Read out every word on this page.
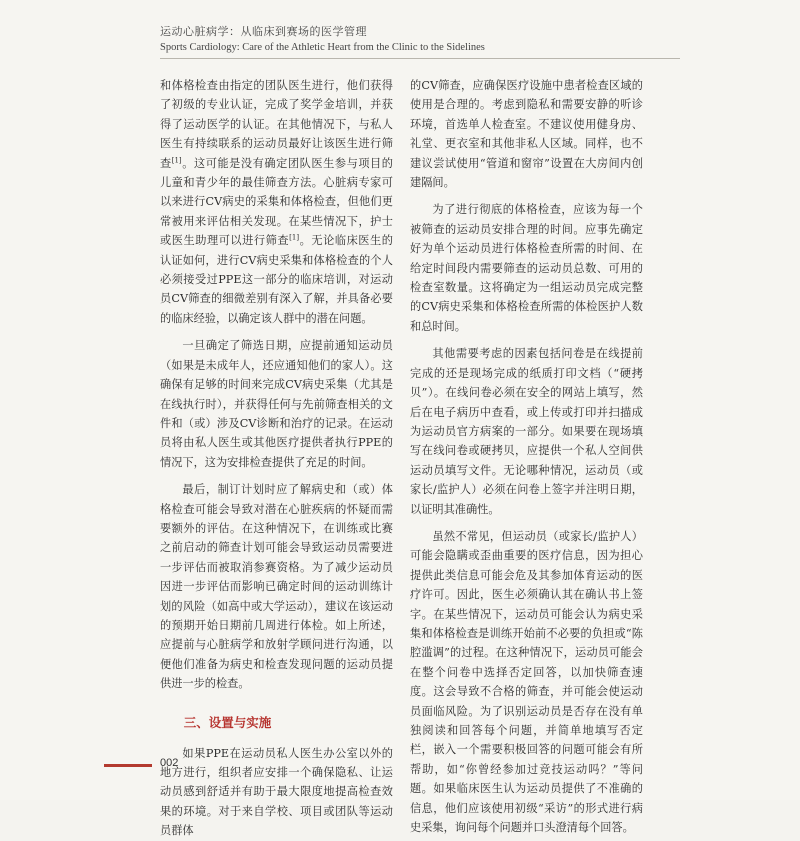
运动心脏病学：从临床到赛场的医学管理
Sports Cardiology: Care of the Athletic Heart from the Clinic to the Sidelines

和体格检查由指定的团队医生进行，他们获得了初级的专业认证，完成了奖学金培训，并获得了运动医学的认证。在其他情况下，与私人医生有持续联系的运动员最好让该医生进行筛查[1]。这可能是没有确定团队医生参与项目的儿童和青少年的最佳筛查方法。心脏病专家可以来进行CV病史的采集和体格检查，但他们更常被用来评估相关发现。在某些情况下，护士或医生助理可以进行筛查[1]。无论临床医生的认证如何，进行CV病史采集和体格检查的个人必须接受过PPE这一部分的临床培训，对运动员CV筛查的细微差别有深入了解，并具备必要的临床经验，以确定该人群中的潜在问题。

一旦确定了筛选日期，应提前通知运动员（如果是未成年人，还应通知他们的家人）。这确保有足够的时间来完成CV病史采集（尤其是在线执行时），并获得任何与先前筛查相关的文件和（或）涉及CV诊断和治疗的记录。在运动员将由私人医生或其他医疗提供者执行PPE的情况下，这为安排检查提供了充足的时间。

最后，制订计划时应了解病史和（或）体格检查可能会导致对潜在心脏疾病的怀疑而需要额外的评估。在这种情况下，在训练或比赛之前启动的筛查计划可能会导致运动员需要进一步评估而被取消参赛资格。为了减少运动员因进一步评估而影响已确定时间的运动训练计划的风险（如高中或大学运动），建议在该运动的预期开始日期前几周进行体检。如上所述，应提前与心脏病学和放射学顾问进行沟通，以便他们准备为病史和检查发现问题的运动员提供进一步的检查。

三、设置与实施

如果PPE在运动员私人医生办公室以外的地方进行，组织者应安排一个确保隐私、让运动员感到舒适并有助于最大限度地提高检查效果的环境。对于来自学校、项目或团队等运动员群体

的CV筛查，应确保医疗设施中患者检查区域的使用是合理的。考虑到隐私和需要安静的听诊环境，首选单人检查室。不建议使用健身房、礼堂、更衣室和其他非私人区域。同样，也不建议尝试使用“管道和窗帘”设置在大房间内创建隔间。

为了进行彻底的体格检查，应该为每一个被筛查的运动员安排合理的时间。应事先确定好为单个运动员进行体格检查所需的时间、在给定时间段内需要筛查的运动员总数、可用的检查室数量。这将确定为一组运动员完成完整的CV病史采集和体格检查所需的体检医护人数和总时间。

其他需要考虑的因素包括问卷是在线提前完成的还是现场完成的纸质打印文档（“硬拷贝”）。在线问卷必须在安全的网站上填写，然后在电子病历中查看，或上传或打印并扫描成为运动员官方病案的一部分。如果要在现场填写在线问卷或硬拷贝，应提供一个私人空间供运动员填写文件。无论哪种情况，运动员（或家长/监护人）必须在问卷上签字并注明日期，以证明其准确性。

虽然不常见，但运动员（或家长/监护人）可能会隐瞒或歪曲重要的医疗信息，因为担心提供此类信息可能会危及其参加体育运动的医疗许可。因此，医生必须确认其在确认书上签字。在某些情况下，运动员可能会认为病史采集和体格检查是训练开始前不必要的负担或“陈腔滥调”的过程。在这种情况下，运动员可能会在整个问卷中选择否定回答，以加快筛查速度。这会导致不合格的筛查，并可能会使运动员面临风险。为了识别运动员是否存在没有单独阅读和回答每个问题，并简单地填写否定栏，嵌入一个需要积极回答的问题可能会有所帮助，如“你曾经参加过竞技运动吗？”等问题。如果临床医生认为运动员提供了不准确的信息，他们应该使用初级“采访”的形式进行病史采集，询问每个问题并口头澄清每个回答。

002
